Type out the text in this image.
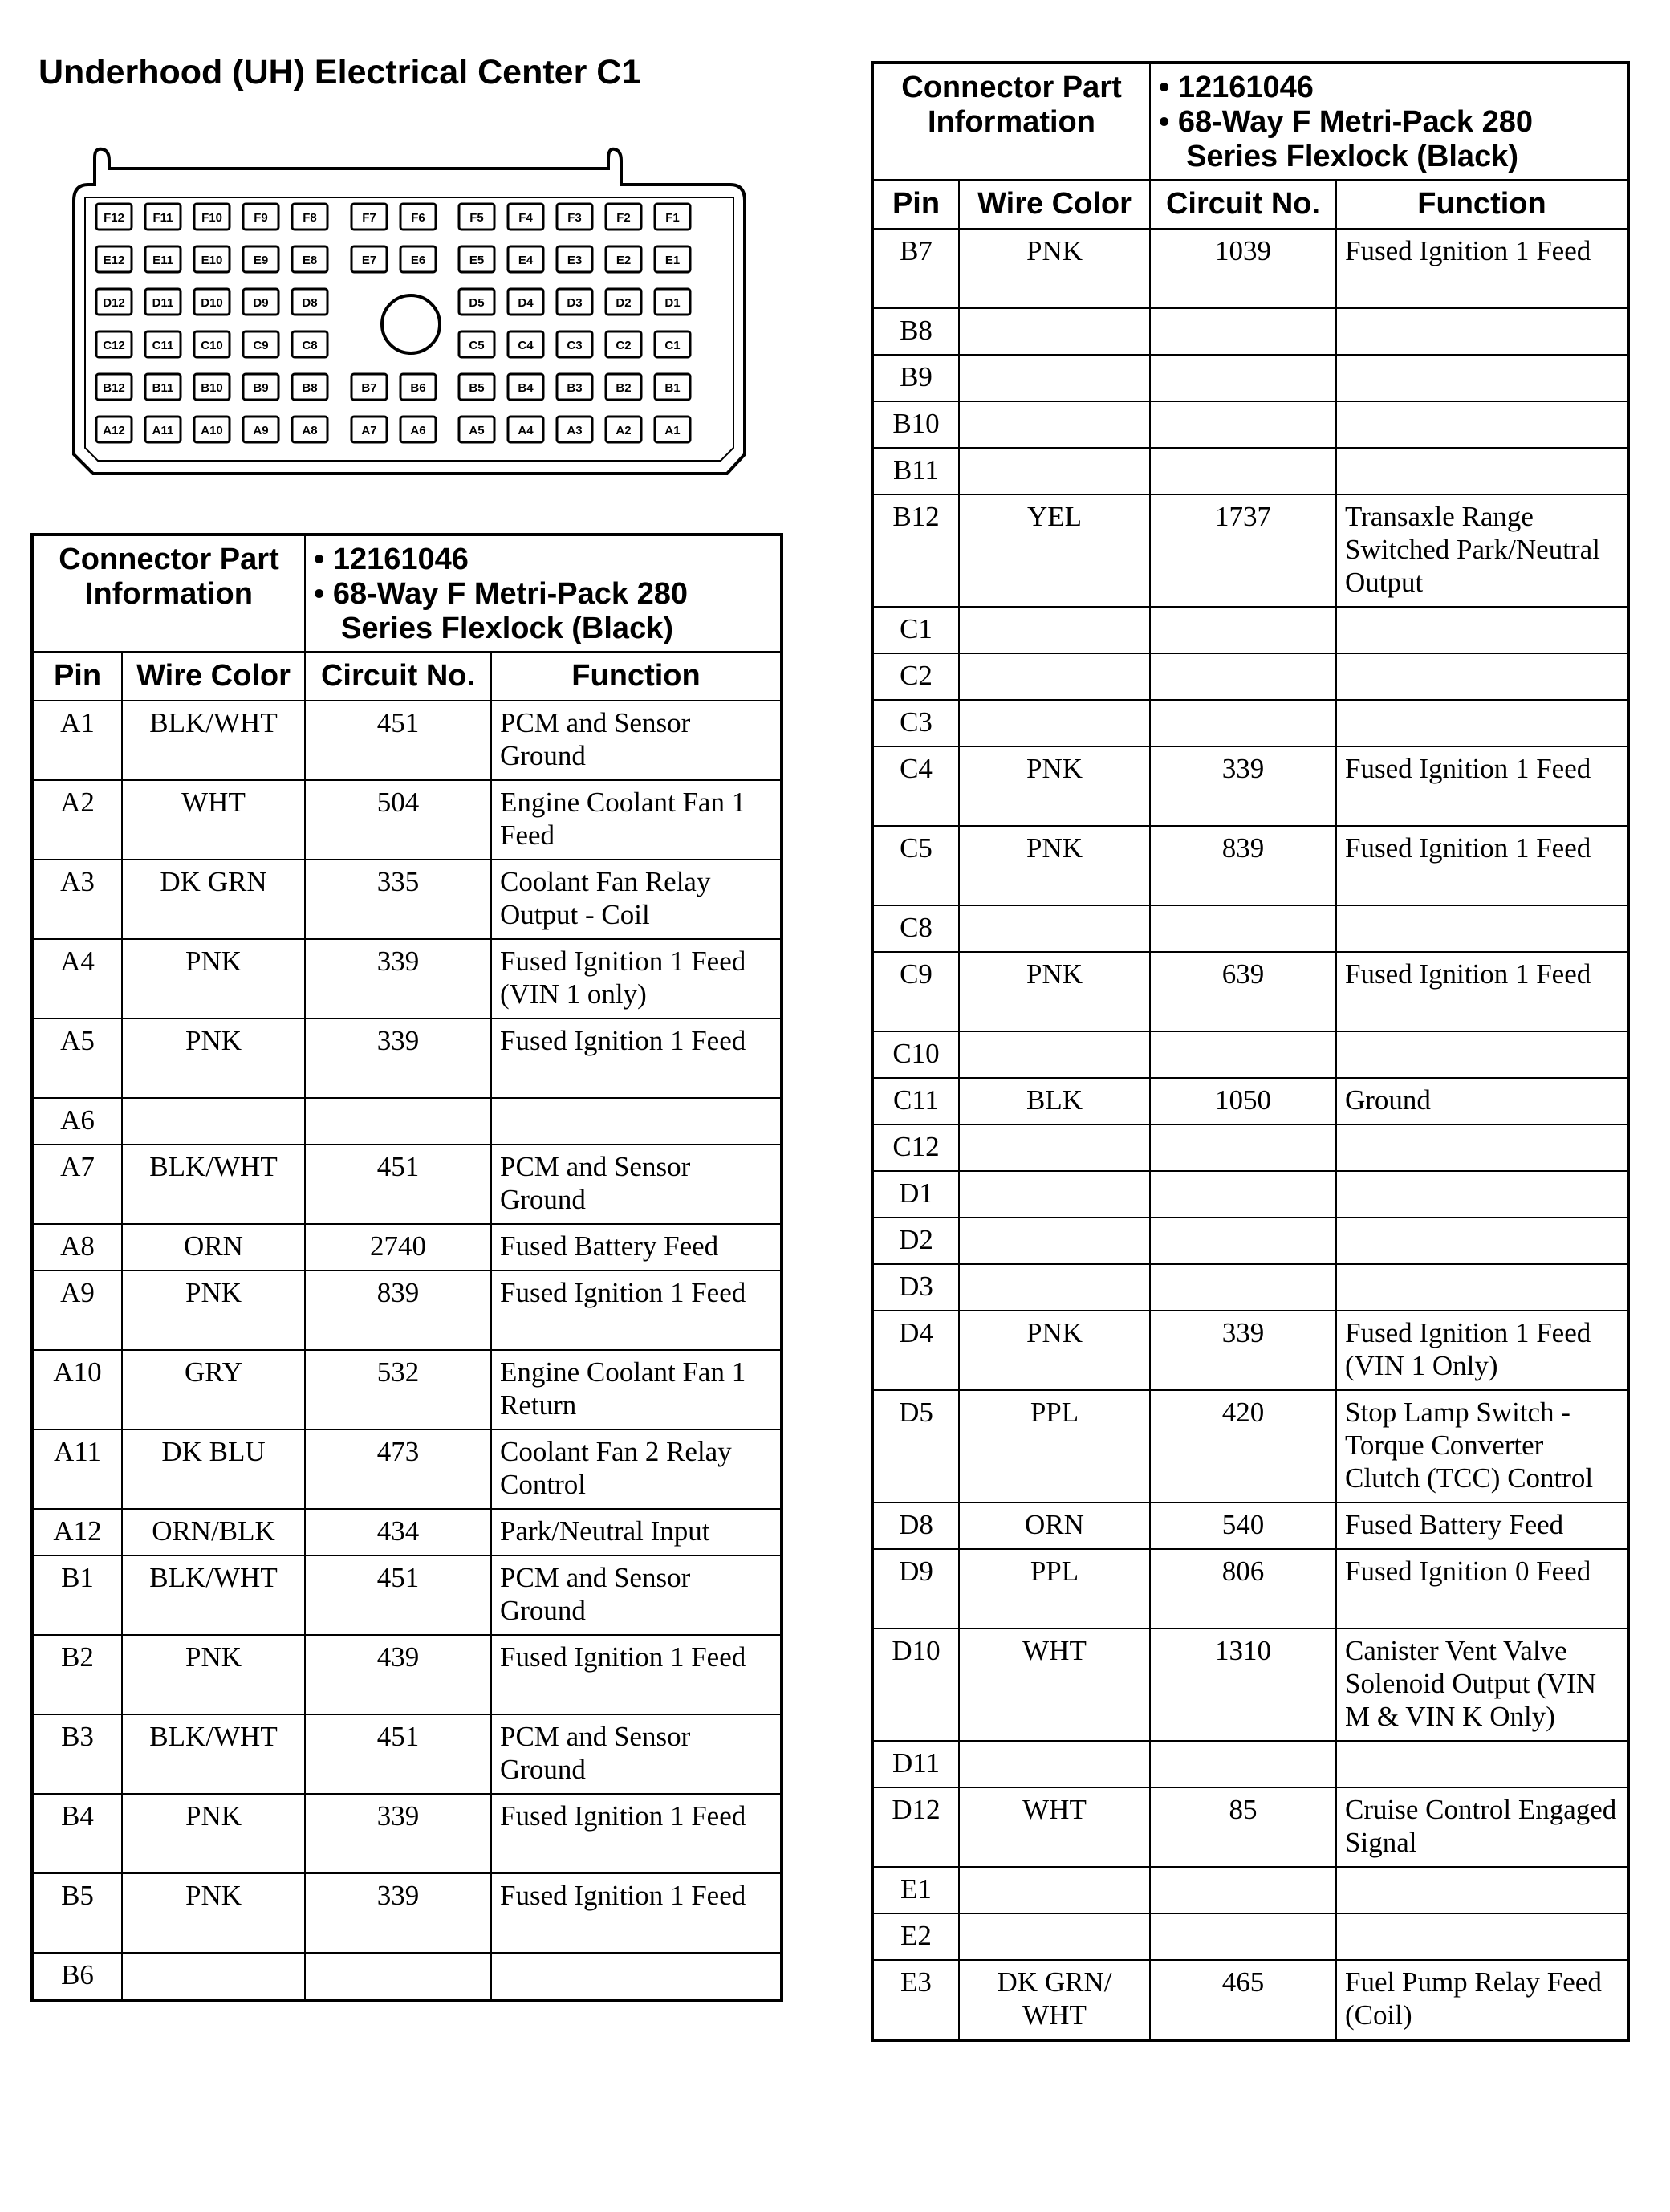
Underhood (UH) Electrical Center C1
F12 F11 F10	F9	F8	F7	F6	F5	F4	F3	F2	F1
E12 E11 E10	E9	E8	E7	E6	E5	E4	E3	E2	E1
D12 D11 D10	D9	D8	D5	D4	D3	D2	D1
C12 C11 C10	C9	C8	C5	C4	C3	C2	C1
B12 B11 B10	B9	B8	B7	B6	B5	B4	B3	B2	B1
A12 A11 A10	A9	A8	A7	A6	A5	A4	A3	A2	A1
Connector Part Information		• 12161046
• 68-Way F Metri-Pack 280 Series Flexlock (Black)	

Pin	Wire Color	Circuit No.	Function
A1	BLK/WHT	451	PCM and Sensor Ground
A2	WHT	504	Engine Coolant Fan 1 Feed
A3	DK GRN	335	Coolant Fan Relay Output - Coil
A4	PNK	339	Fused Ignition 1 Feed (VIN 1 only)
A5	PNK	339	Fused Ignition 1 Feed
A6			
A7	BLK/WHT	451	PCM and Sensor Ground
A8	ORN	2740	Fused Battery Feed
A9	PNK	839	Fused Ignition 1 Feed
A10	GRY	532	Engine Coolant Fan 1 Return
A11	DK BLU	473	Coolant Fan 2 Relay Control
A12	ORN/BLK	434	Park/Neutral Input
B1	BLK/WHT	451	PCM and Sensor Ground
B2	PNK	439	Fused Ignition 1 Feed
B3	BLK/WHT	451	PCM and Sensor Ground
B4	PNK	339	Fused Ignition 1 Feed
B5	PNK	339	Fused Ignition 1 Feed
B6			
Connector Part Information		• 12161046
• 68-Way F Metri-Pack 280 Series Flexlock (Black)	

Pin	Wire Color	Circuit No.	Function
B7	PNK	1039	Fused Ignition 1 Feed
B8			
B9			
B10			
B11			
B12	YEL	1737	Transaxle Range Switched Park/Neutral Output
C1			
C2			
C3			
C4	PNK	339	Fused Ignition 1 Feed
C5	PNK	839	Fused Ignition 1 Feed
C8			
C9	PNK	639	Fused Ignition 1 Feed
C10			
C11	BLK	1050	Ground
C12			
D1			
D2			
D3			
D4	PNK	339	Fused Ignition 1 Feed (VIN 1 Only)
D5	PPL	420	Stop Lamp Switch - Torque Converter Clutch (TCC) Control
D8	ORN	540	Fused Battery Feed
D9	PPL	806	Fused Ignition 0 Feed
D10	WHT	1310	Canister Vent Valve Solenoid Output (VIN M & VIN K Only)
D11			
D12	WHT	85	Cruise Control Engaged Signal
E1			
E2			
E3	DK GRN/ WHT	465	Fuel Pump Relay Feed (Coil)
